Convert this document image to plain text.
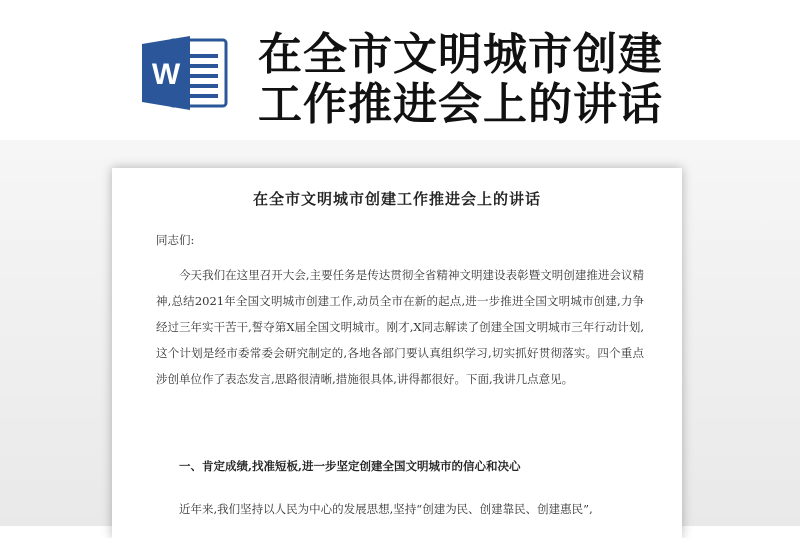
W 在全市文明城市创建工作推进会上的讲话
在全市文明城市创建工作推进会上的讲话
同志们:

今天我们在这里召开大会,主要任务是传达贯彻全省精神文明建设表彰暨文明创建推进会议精神,总结2021年全国文明城市创建工作,动员全市在新的起点,进一步推进全国文明城市创建,力争经过三年实干苦干,誓夺第X届全国文明城市。刚才,X同志解读了创建全国文明城市三年行动计划,这个计划是经市委常委会研究制定的,各地各部门要认真组织学习,切实抓好贯彻落实。四个重点涉创单位作了表态发言,思路很清晰,措施很具体,讲得都很好。下面,我讲几点意见。

一、肯定成绩,找准短板,进一步坚定创建全国文明城市的信心和决心

近年来,我们坚持以人民为中心的发展思想,坚持“创建为民、创建靠民、创建惠民”,
